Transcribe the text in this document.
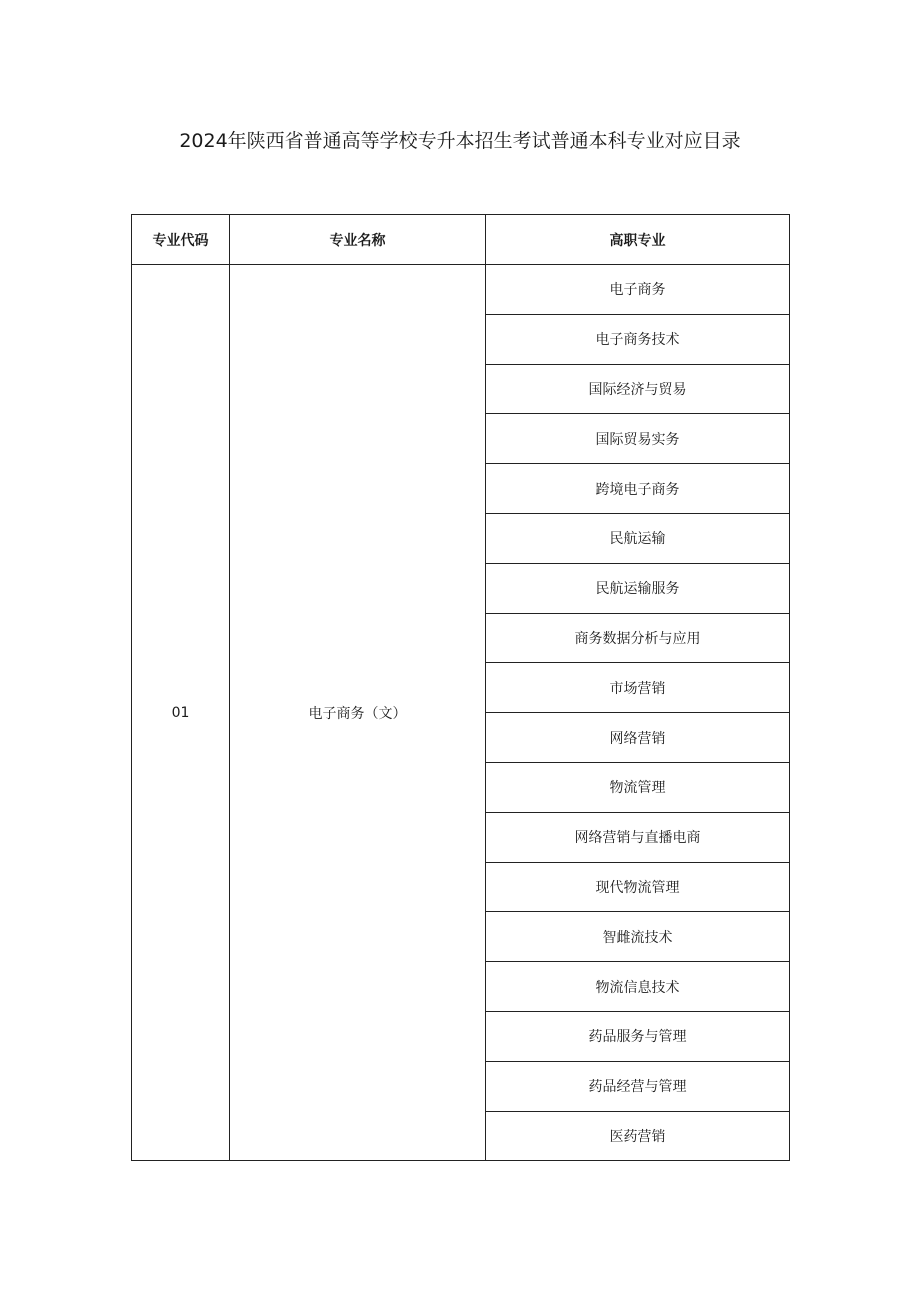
2024年陕西省普通高等学校专升本招生考试普通本科专业对应目录
专业代码	专业名称	高职专业
01	电子商务（文）	电子商务
		电子商务技术
		国际经济与贸易
		国际贸易实务
		跨境电子商务
		民航运输
		民航运输服务
		商务数据分析与应用
		市场营销
		网络营销
		物流管理
		网络营销与直播电商
		现代物流管理
		智雌流技术
		物流信息技术
		药品服务与管理
		药品经营与管理
		医药营销
